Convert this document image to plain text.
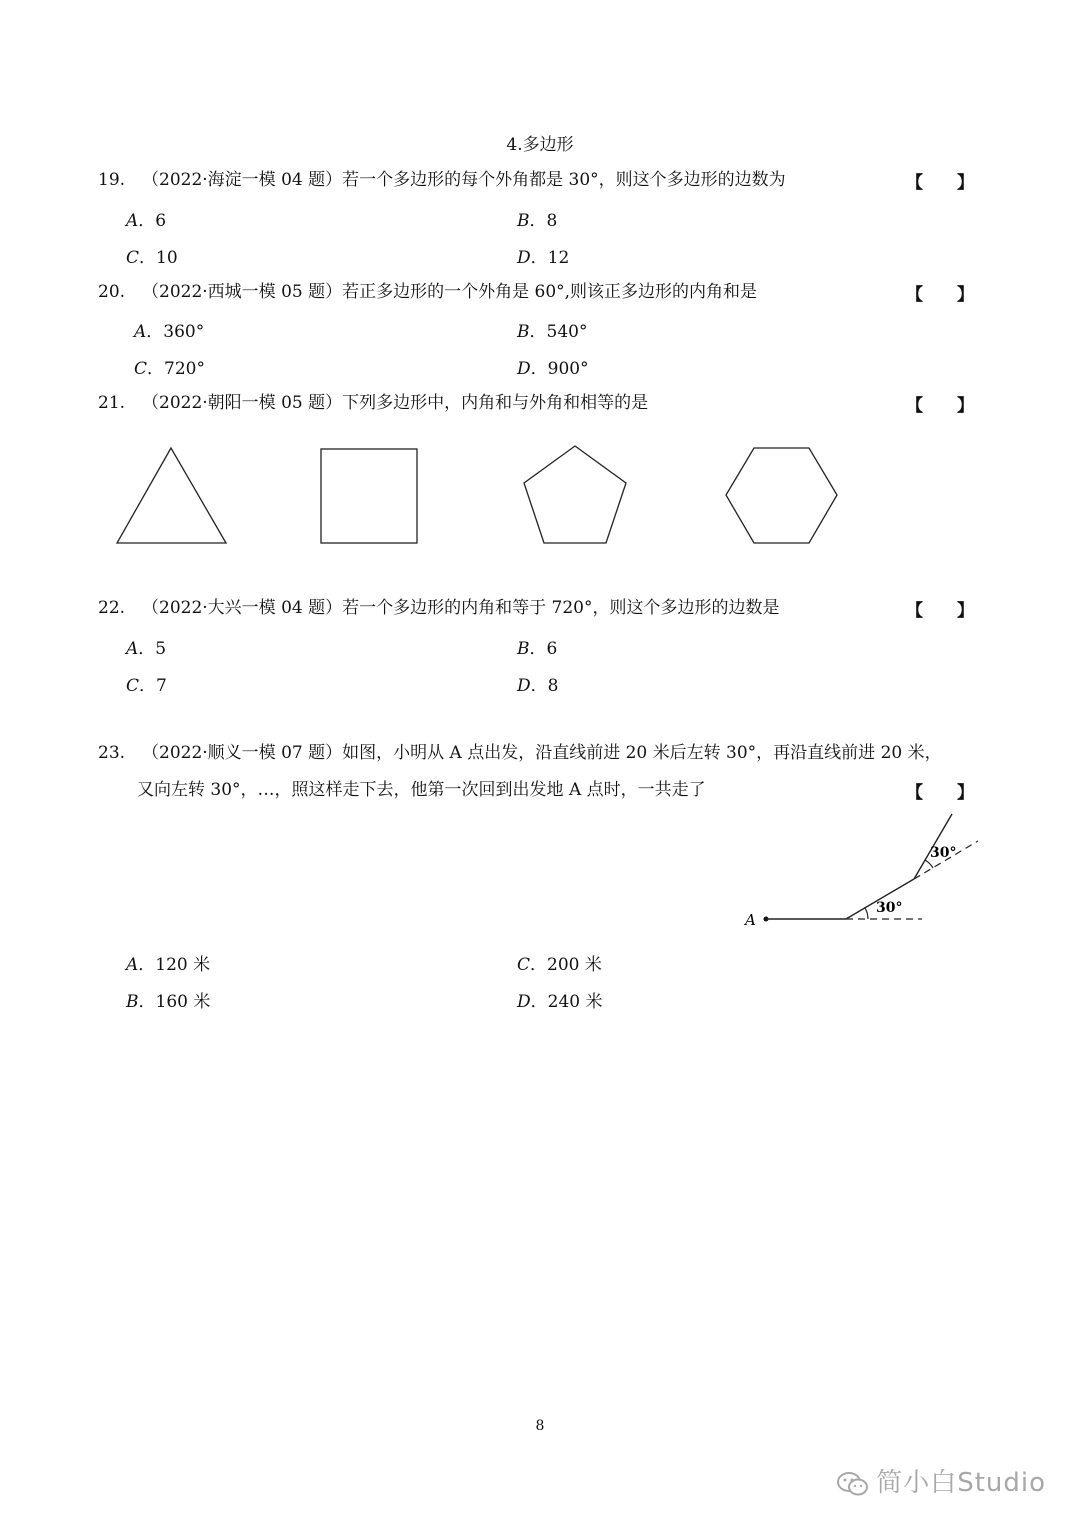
4.多边形
19. （2022·海淀一模 04 题）若一个多边形的每个外角都是 30°，则这个多边形的边数为	【 】
A．6	B．8
C．10	D．12
20. （2022·西城一模 05 题）若正多边形的一个外角是 60°,则该正多边形的内角和是	【 】
A．360°	B．540°
C．720°	D．900°
21. （2022·朝阳一模 05 题）下列多边形中，内角和与外角和相等的是	【 】
22. （2022·大兴一模 04 题）若一个多边形的内角和等于 720°，则这个多边形的边数是	【 】
A．5	B．6
C．7	D．8
23. （2022·顺义一模 07 题）如图，小明从 A 点出发，沿直线前进 20 米后左转 30°，再沿直线前进 20 米，
又向左转 30°，…，照这样走下去，他第一次回到出发地 A 点时，一共走了	【 】
A
30°
30°
A．120 米	C．200 米
B．160 米	D．240 米
8
简小白Studio
